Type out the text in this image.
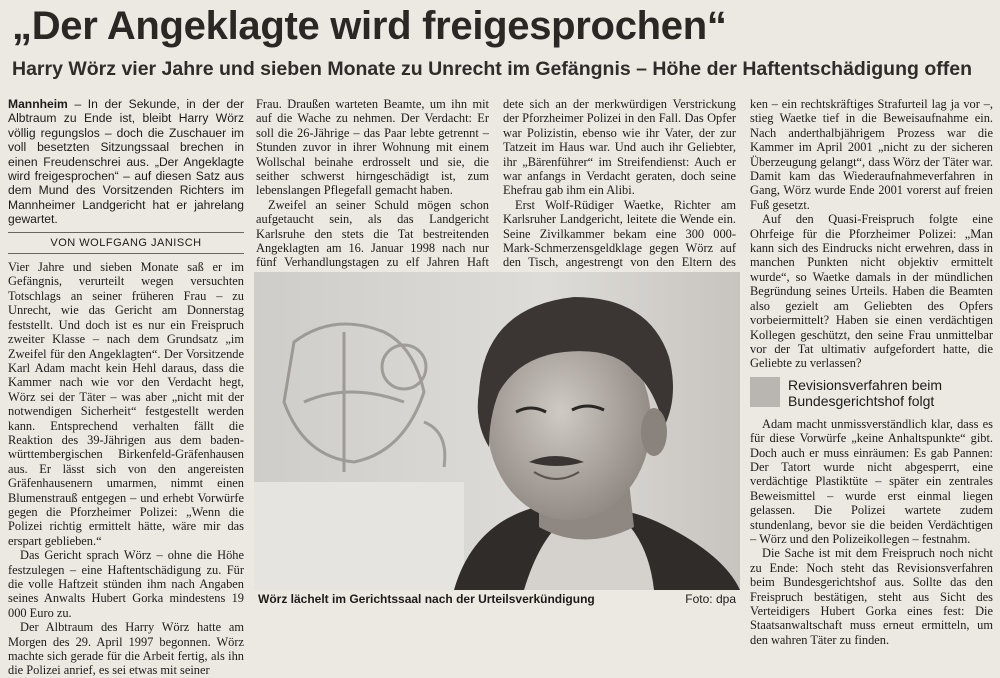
„Der Angeklagte wird freigesprochen“
Harry Wörz vier Jahre und sieben Monate zu Unrecht im Gefängnis – Höhe der Haftentschädigung offen

Mannheim – In der Sekunde, in der der Albtraum zu Ende ist, bleibt Harry Wörz völlig regungslos – doch die Zuschauer im voll besetzten Sitzungssaal brechen in einen Freudenschrei aus. „Der Angeklagte wird freigesprochen“ – auf diesen Satz aus dem Mund des Vorsitzenden Richters im Mannheimer Landgericht hat er jahrelang gewartet.

VON WOLFGANG JANISCH

Vier Jahre und sieben Monate saß er im Gefängnis, verurteilt wegen versuchten Totschlags an seiner früheren Frau – zu Unrecht, wie das Gericht am Donnerstag feststellt. Und doch ist es nur ein Freispruch zweiter Klasse – nach dem Grundsatz „im Zweifel für den Angeklagten“. Der Vorsitzende Karl Adam macht kein Hehl daraus, dass die Kammer nach wie vor den Verdacht hegt, Wörz sei der Täter – was aber „nicht mit der notwendigen Sicherheit“ festgestellt werden kann. Entsprechend verhalten fällt die Reaktion des 39-Jährigen aus dem baden-württembergischen Birkenfeld-Gräfenhausen aus. Er lässt sich von den angereisten Gräfenhausenern umarmen, nimmt einen Blumenstrauß entgegen – und erhebt Vorwürfe gegen die Pforzheimer Polizei: „Wenn die Polizei richtig ermittelt hätte, wäre mir das erspart geblieben.“

Das Gericht sprach Wörz – ohne die Höhe festzulegen – eine Haftentschädigung zu. Für die volle Haftzeit stünden ihm nach Angaben seines Anwalts Hubert Gorka mindestens 19 000 Euro zu.

Der Albtraum des Harry Wörz hatte am Morgen des 29. April 1997 begonnen. Wörz machte sich gerade für die Arbeit fertig, als ihn die Polizei anrief, es sei etwas mit seiner

Frau. Draußen warteten Beamte, um ihn mit auf die Wache zu nehmen. Der Verdacht: Er soll die 26-Jährige – das Paar lebte getrennt – Stunden zuvor in ihrer Wohnung mit einem Wollschal beinahe erdrosselt und sie, die seither schwerst hirngeschädigt ist, zum lebenslangen Pflegefall gemacht haben.

Zweifel an seiner Schuld mögen schon aufgetaucht sein, als das Landgericht Karlsruhe den stets die Tat bestreitenden Angeklagten am 16. Januar 1998 nach nur fünf Verhandlungstagen zu elf Jahren Haft

dete sich an der merkwürdigen Verstrickung der Pforzheimer Polizei in den Fall. Das Opfer war Polizistin, ebenso wie ihr Vater, der zur Tatzeit im Haus war. Und auch ihr Geliebter, ihr „Bärenführer“ im Streifendienst: Auch er war anfangs in Verdacht geraten, doch seine Ehefrau gab ihm ein Alibi.

Erst Wolf-Rüdiger Waetke, Richter am Karlsruher Landgericht, leitete die Wende ein. Seine Zivilkammer bekam eine 300 000-Mark-Schmerzensgeldklage gegen Wörz auf den Tisch, angestrengt von den Eltern des

ken – ein rechtskräftiges Strafurteil lag ja vor –, stieg Waetke tief in die Beweisaufnahme ein. Nach anderthalbjährigem Prozess war die Kammer im April 2001 „nicht zu der sicheren Überzeugung gelangt“, dass Wörz der Täter war. Damit kam das Wiederaufnahmeverfahren in Gang, Wörz wurde Ende 2001 vorerst auf freien Fuß gesetzt.

Auf den Quasi-Freispruch folgte eine Ohrfeige für die Pforzheimer Polizei: „Man kann sich des Eindrucks nicht erwehren, dass in manchen Punkten nicht objektiv ermittelt wurde“, so Waetke damals in der mündlichen Begründung seines Urteils. Haben die Beamten also gezielt am Geliebten des Opfers vorbeiermittelt? Haben sie einen verdächtigen Kollegen geschützt, den seine Frau unmittelbar vor der Tat ultimativ aufgefordert hatte, die Geliebte zu verlassen?

Revisionsverfahren beim Bundesgerichtshof folgt

Adam macht unmissverständlich klar, dass es für diese Vorwürfe „keine Anhaltspunkte“ gibt. Doch auch er muss einräumen: Es gab Pannen: Der Tatort wurde nicht abgesperrt, eine verdächtige Plastiktüte – später ein zentrales Beweismittel – wurde erst einmal liegen gelassen. Die Polizei wartete zudem stundenlang, bevor sie die beiden Verdächtigen – Wörz und den Polizeikollegen – festnahm.

Die Sache ist mit dem Freispruch noch nicht zu Ende: Noch steht das Revisionsverfahren beim Bundesgerichtshof aus. Sollte das den Freispruch bestätigen, steht aus Sicht des Verteidigers Hubert Gorka eines fest: Die Staatsanwaltschaft muss erneut ermitteln, um den wahren Täter zu finden.

Wörz lächelt im Gerichtssaal nach der Urteilsverkündigung	Foto: dpa
